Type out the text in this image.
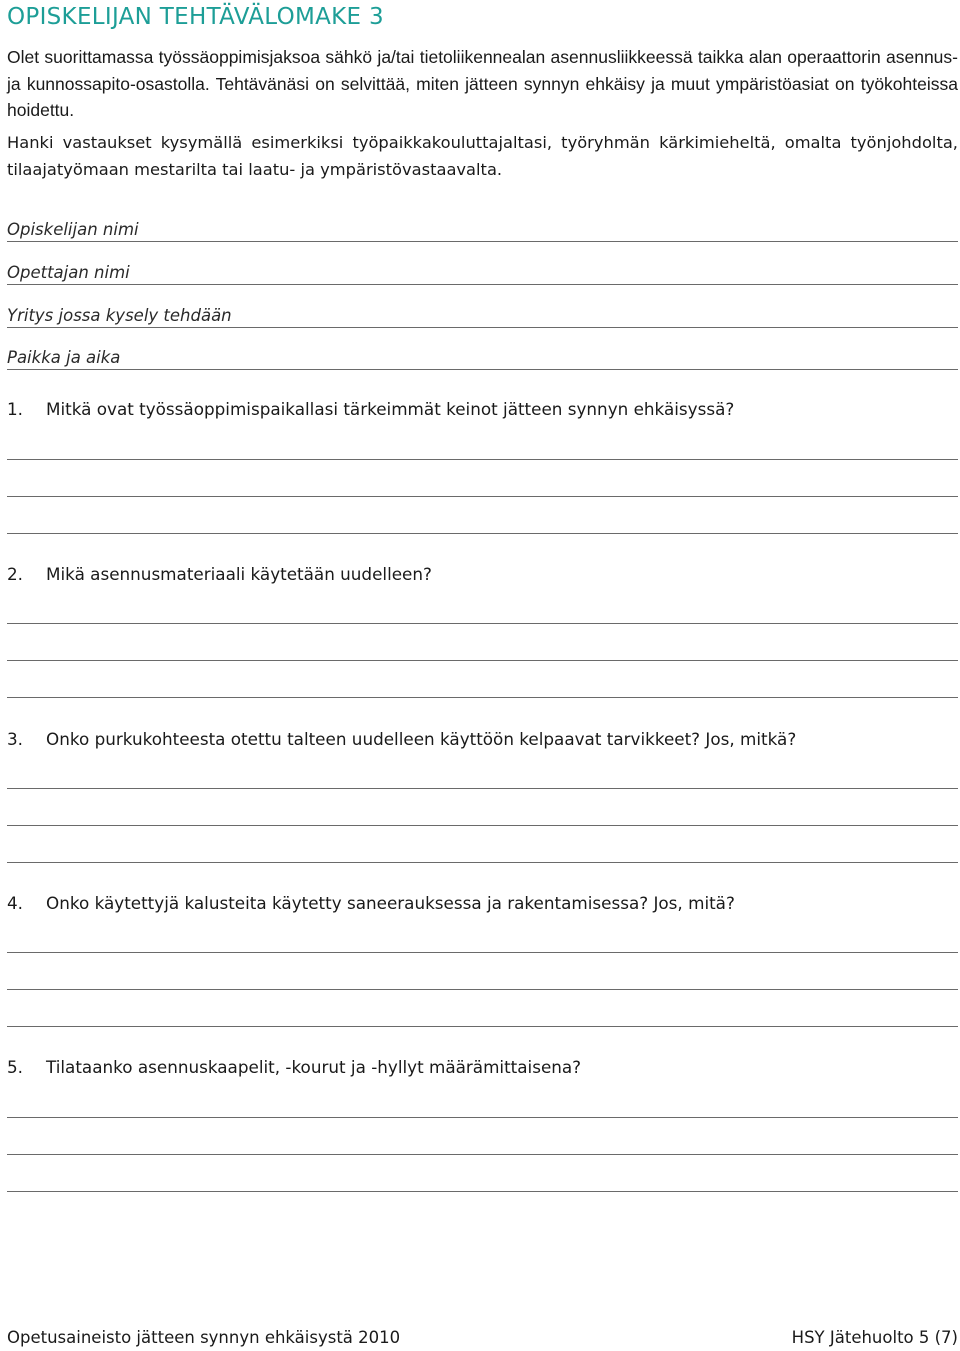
OPISKELIJAN TEHTÄVÄLOMAKE 3
Olet suorittamassa työssäoppimisjaksoa sähkö ja/tai tietoliikennealan asennusliikkeessä taikka alan operaattorin asennus- ja kunnossapito-osastolla. Tehtävänäsi on selvittää, miten jätteen synnyn ehkäisy ja muut ympäristöasiat on työkohteissa hoidettu.
Hanki vastaukset kysymällä esimerkiksi työpaikkakouluttajaltasi, työryhmän kärkimieheltä, omalta työnjohdolta, tilaajatyömaan mestarilta tai laatu- ja ympäristövastaavalta.
Opiskelijan nimi
Opettajan nimi
Yritys jossa kysely tehdään
Paikka ja aika
1. Mitkä ovat työssäoppimispaikallasi tärkeimmät keinot jätteen synnyn ehkäisyssä?
2. Mikä asennusmateriaali käytetään uudelleen?
3. Onko purkukohteesta otettu talteen uudelleen käyttöön kelpaavat tarvikkeet? Jos, mitkä?
4. Onko käytettyjä kalusteita käytetty saneerauksessa ja rakentamisessa? Jos, mitä?
5. Tilataanko asennuskaapelit, -kourut ja -hyllyt määrämittaisena?
Opetusaineisto jätteen synnyn ehkäisystä 2010	HSY Jätehuolto 5 (7)
